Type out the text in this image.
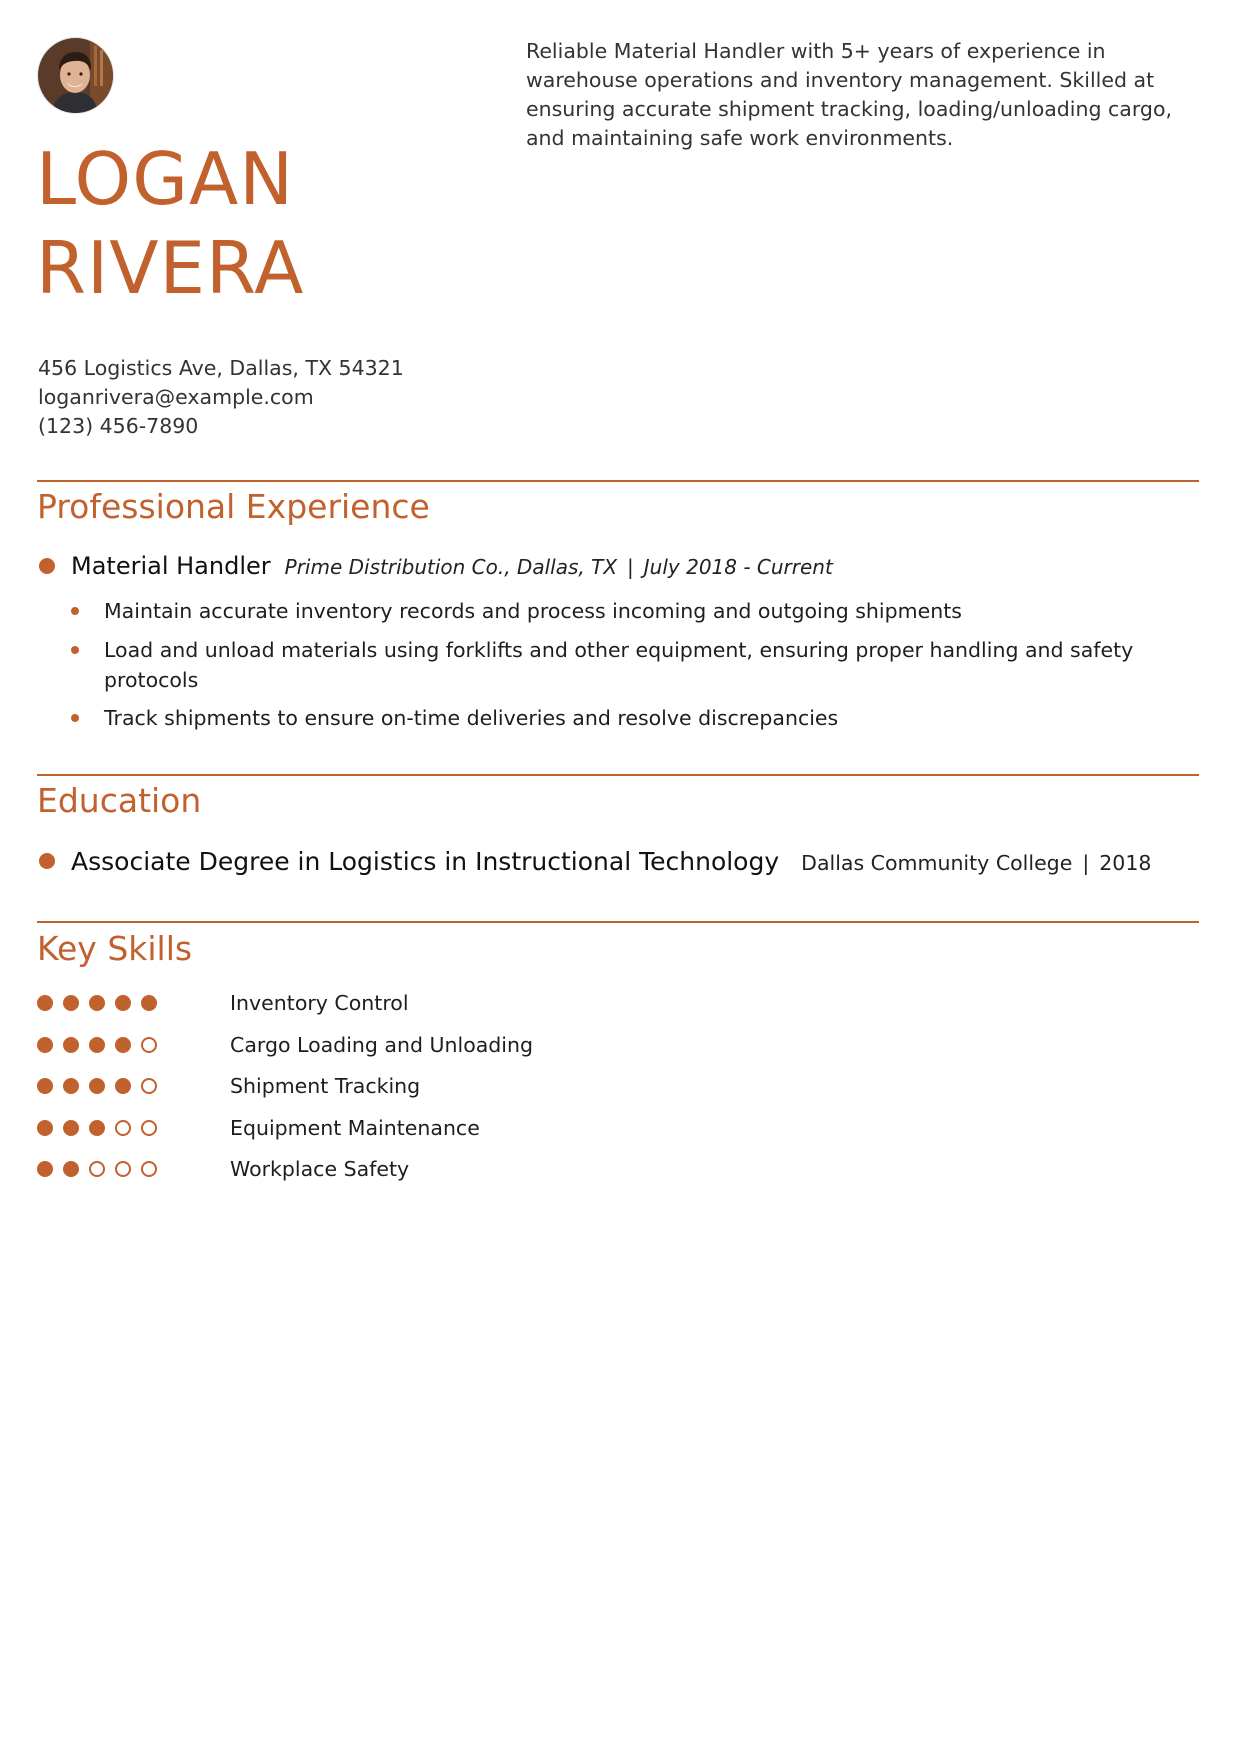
LOGAN
RIVERA
Reliable Material Handler with 5+ years of experience in warehouse operations and inventory management. Skilled at ensuring accurate shipment tracking, loading/unloading cargo, and maintaining safe work environments.
456 Logistics Ave, Dallas, TX 54321
loganrivera@example.com
(123) 456-7890
Professional Experience
Material Handler Prime Distribution Co., Dallas, TX | July 2018 - Current
Maintain accurate inventory records and process incoming and outgoing shipments
Load and unload materials using forklifts and other equipment, ensuring proper handling and safety protocols
Track shipments to ensure on-time deliveries and resolve discrepancies
Education
Associate Degree in Logistics in Instructional Technology Dallas Community College | 2018
Key Skills
Inventory Control
Cargo Loading and Unloading
Shipment Tracking
Equipment Maintenance
Workplace Safety
